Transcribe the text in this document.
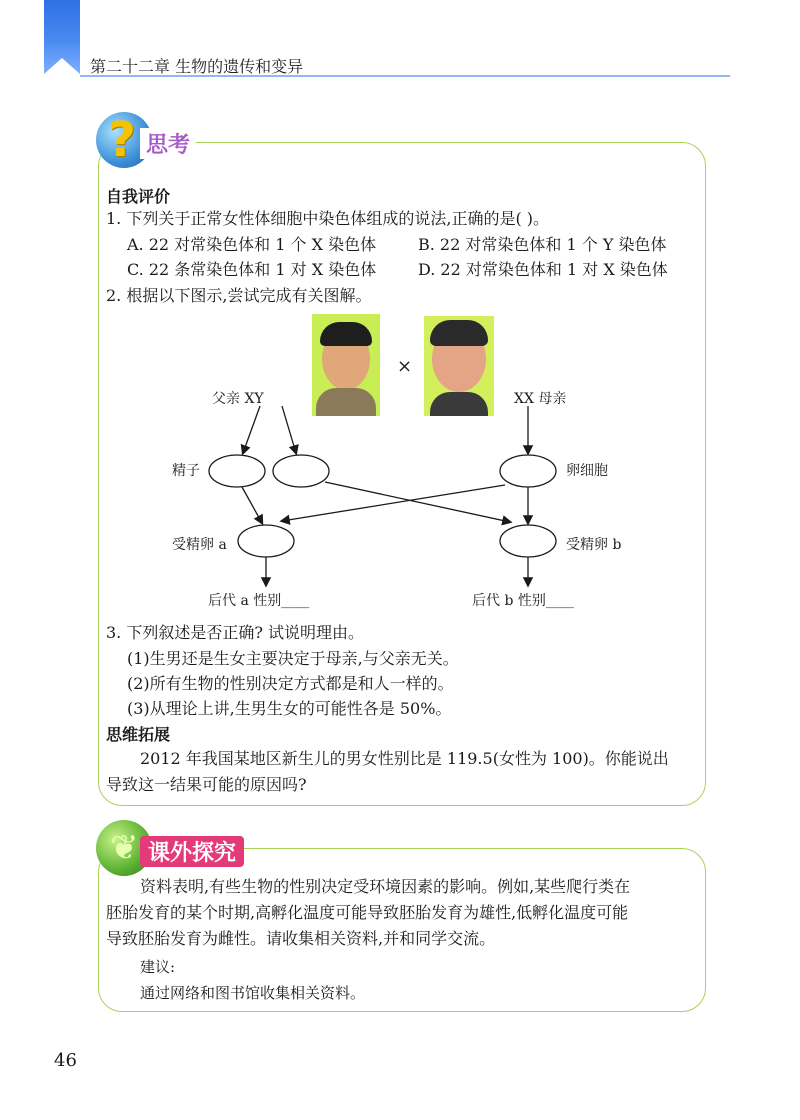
第二十二章 生物的遗传和变异
? 思考
自我评价
1. 下列关于正常女性体细胞中染色体组成的说法,正确的是( )。
A. 22 对常染色体和 1 个 X 染色体	B. 22 对常染色体和 1 个 Y 染色体
C. 22 条常染色体和 1 对 X 染色体	D. 22 对常染色体和 1 对 X 染色体
2. 根据以下图示,尝试完成有关图解。
×
父亲 XY	XX 母亲
精子	卵细胞
受精卵 a	受精卵 b
后代 a 性别____	后代 b 性别____
3. 下列叙述是否正确? 试说明理由。
(1)生男还是生女主要决定于母亲,与父亲无关。
(2)所有生物的性别决定方式都是和人一样的。
(3)从理论上讲,生男生女的可能性各是 50%。
思维拓展
2012 年我国某地区新生儿的男女性别比是 119.5(女性为 100)。你能说出
导致这一结果可能的原因吗?
❦ 课外探究
资料表明,有些生物的性别决定受环境因素的影响。例如,某些爬行类在
胚胎发育的某个时期,高孵化温度可能导致胚胎发育为雄性,低孵化温度可能
导致胚胎发育为雌性。请收集相关资料,并和同学交流。
建议:
通过网络和图书馆收集相关资料。
46
